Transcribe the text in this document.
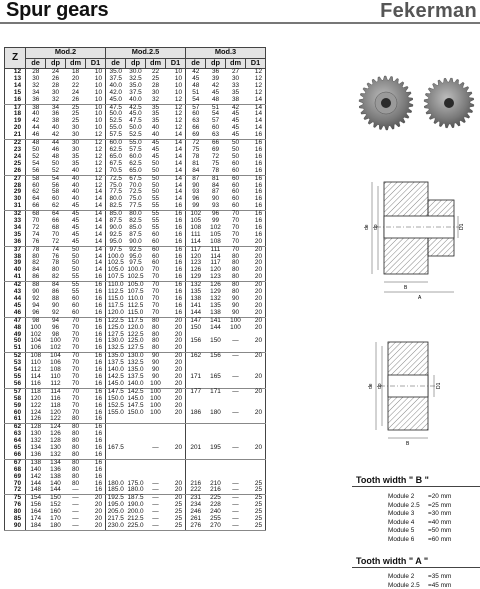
Spur gears	Fekerman
Z	Mod.2				Mod.2.5				Mod.3			
	de	dp	dm	D1	de	dp	dm	D1	de	dp	dm	D1
12	28	24	18	10	35.0	30.0	22	10	42	36	27	12
13	30	26	20	10	37.5	32.5	25	10	45	39	30	12
14	32	28	22	10	40.0	35.0	28	10	48	42	33	12
15	34	30	24	10	42.0	37.5	30	10	51	45	35	12
16	36	32	26	10	45.0	40.0	32	12	54	48	38	14
17	38	34	25	10	47.5	42.5	35	12	57	51	42	14
18	40	36	25	10	50.0	45.0	35	12	60	54	45	14
19	42	38	25	10	52.5	47.5	35	12	63	57	45	14
20	44	40	30	10	55.0	50.0	40	12	66	60	45	14
21	46	42	30	12	57.5	52.5	40	14	69	63	45	16
22	48	44	30	12	60.0	55.0	45	14	72	66	50	16
23	50	46	30	12	62.5	57.5	45	14	75	69	50	16
24	52	48	35	12	65.0	60.0	45	14	78	72	50	16
25	54	50	35	12	67.5	62.5	50	14	81	75	60	16
26	56	52	40	12	70.5	65.0	50	14	84	78	60	16
27	58	54	40	12	72.5	67.5	50	14	87	81	60	16
28	60	56	40	12	75.0	70.0	50	14	90	84	60	16
29	62	58	40	14	77.5	72.5	50	14	93	87	60	16
30	64	60	40	14	80.0	75.0	55	14	96	90	60	16
31	66	62	45	14	82.5	77.5	55	16	99	93	60	16
32	68	64	45	14	85.0	80.0	55	16	102	96	70	16
33	70	66	45	14	87.5	82.5	55	16	105	99	70	16
34	72	68	45	14	90.0	85.0	55	16	108	102	70	16
35	74	70	45	14	92.5	87.5	60	16	111	105	70	16
36	76	72	45	14	95.0	90.0	60	16	114	108	70	20
37	78	74	50	14	97.5	92.5	60	16	117	111	70	20
38	80	76	50	14	100.0	95.0	60	16	120	114	80	20
39	82	78	50	14	102.5	97.5	60	16	123	117	80	20
40	84	80	50	14	105.0	100.0	70	16	126	120	80	20
41	86	82	55	16	107.5	102.5	70	16	129	123	80	20
42	88	84	55	16	110.0	105.0	70	16	132	126	80	20
43	90	86	55	16	112.5	107.5	70	16	135	129	80	20
44	92	88	60	16	115.0	110.0	70	16	138	132	90	20
45	94	90	60	16	117.5	112.5	70	16	141	135	90	20
46	96	92	60	16	120.0	115.0	70	16	144	138	90	20
47	98	94	70	16	122.5	117.5	80	20	147	141	100	20
48	100	96	70	16	125.0	120.0	80	20	150	144	100	20
49	102	98	70	16	127.5	122.5	80	20				
50	104	100	70	16	130.0	125.0	80	20	156	150	—	20
51	106	102	70	16	132.5	127.5	80	20				
52	108	104	70	16	135.0	130.0	90	20	162	156	—	20
53	110	106	70	16	137.5	132.5	90	20				
54	112	108	70	16	140.0	135.0	90	20				
55	114	110	70	16	142.5	137.5	90	20	171	165	—	20
56	116	112	70	16	145.0	140.0	100	20				
57	118	114	70	16	147.5	142.5	100	20	177	171	—	20
58	120	116	70	16	150.0	145.0	100	20				
59	122	118	70	16	152.5	147.5	100	20				
60	124	120	70	16	155.0	150.0	100	20	186	180	—	20
61	126	122	80	16								
62	128	124	80	16								
63	130	126	80	16								
64	132	128	80	16								
65	134	130	80	16	167.5		—	20	201	195	—	20
66	136	132	80	16								
67	138	134	80	16								
68	140	136	80	16								
69	142	138	80	16								
70	144	140	80	16	180.0	175.0	—	20	216	210	—	25
72	148	144	—	16	185.0	180.0	—	20	222	216	—	25
75	154	150	—	20	192.5	187.5	—	20	231	225	—	25
76	156	152	—	20	195.0	190.0	—	25	234	228	—	25
80	164	160	—	20	205.0	200.0	—	25	246	240	—	25
85	174	170	—	20	217.5	212.5	—	25	261	255	—	25
90	184	180	—	20	230.0	225.0	—	25	276	270	—	25
de dp	D1
B
A
de dp	D1
B
Tooth width " B "
Module 2 =20 mm
Module 2.5 =25 mm
Module 3 =30 mm
Module 4 =40 mm
Module 5 =50 mm
Module 6 =60 mm
Tooth width " A "
Module 2 =35 mm
Module 2.5 =45 mm
